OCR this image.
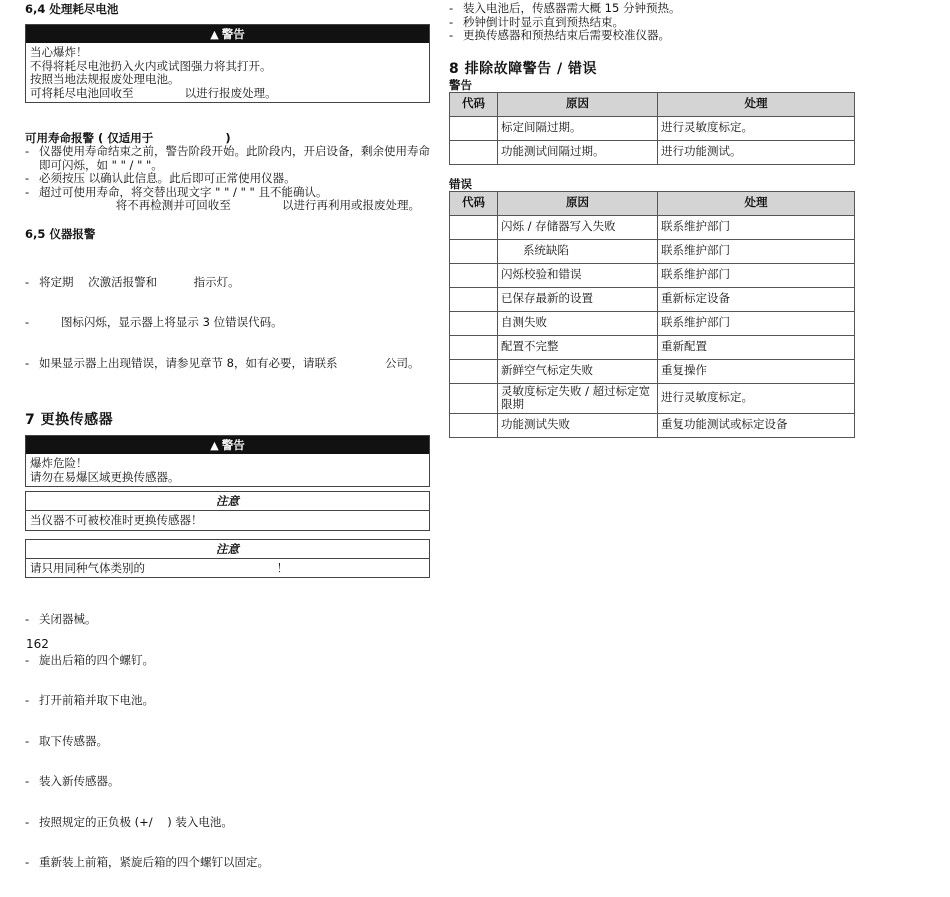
6,4 处理耗尽电池
▲ 警告
当心爆炸！
不得将耗尽电池扔入火内或试图强力将其打开。
按照当地法规报废处理电池。
可将耗尽电池回收至              以进行报废处理。
可用寿命报警 ( 仅适用于                  )
- 仪器使用寿命结束之前，警告阶段开始。此阶段内，开启设备，剩余使用寿命即可闪烁，如 " " / " "。
- 必须按压 以确认此信息。此后即可正常使用仪器。
- 超过可使用寿命，将交替出现文字 " " / " " 且不能确认。
将不再检测并可回收至              以进行再利用或报废处理。
6,5 仪器报警

- 将定期    次激活报警和          指示灯。

-       图标闪烁，显示器上将显示 3 位错误代码。

- 如果显示器上出现错误，请参见章节 8，如有必要，请联系             公司。

7 更换传感器
▲ 警告
爆炸危险！
请勿在易爆区域更换传感器。
注意
当仪器不可被校准时更换传感器！
注意
请只用同种气体类别的                                    ！

- 关闭器械。

- 旋出后箱的四个螺钉。

- 打开前箱并取下电池。

- 取下传感器。

- 装入新传感器。

- 按照规定的正负极 (+/    ) 装入电池。

- 重新装上前箱，紧旋后箱的四个螺钉以固定。

- 装入电池后，传感器需大概 15 分钟预热。
- 秒钟倒计时显示直到预热结束。
- 更换传感器和预热结束后需要校准仪器。
8 排除故障警告 / 错误
警告
代码	原因	处理
	标定间隔过期。	进行灵敏度标定。
	功能测试间隔过期。	进行功能测试。
错误
代码	原因	处理
	闪烁 / 存储器写入失败	联系维护部门
	系统缺陷	联系维护部门
	闪烁校验和错误	联系维护部门
	已保存最新的设置	重新标定设备
	自测失败	联系维护部门
	配置不完整	重新配置
	新鲜空气标定失败	重复操作
	灵敏度标定失败 / 超过标定宽限期	进行灵敏度标定。
	功能测试失败	重复功能测试或标定设备
162
